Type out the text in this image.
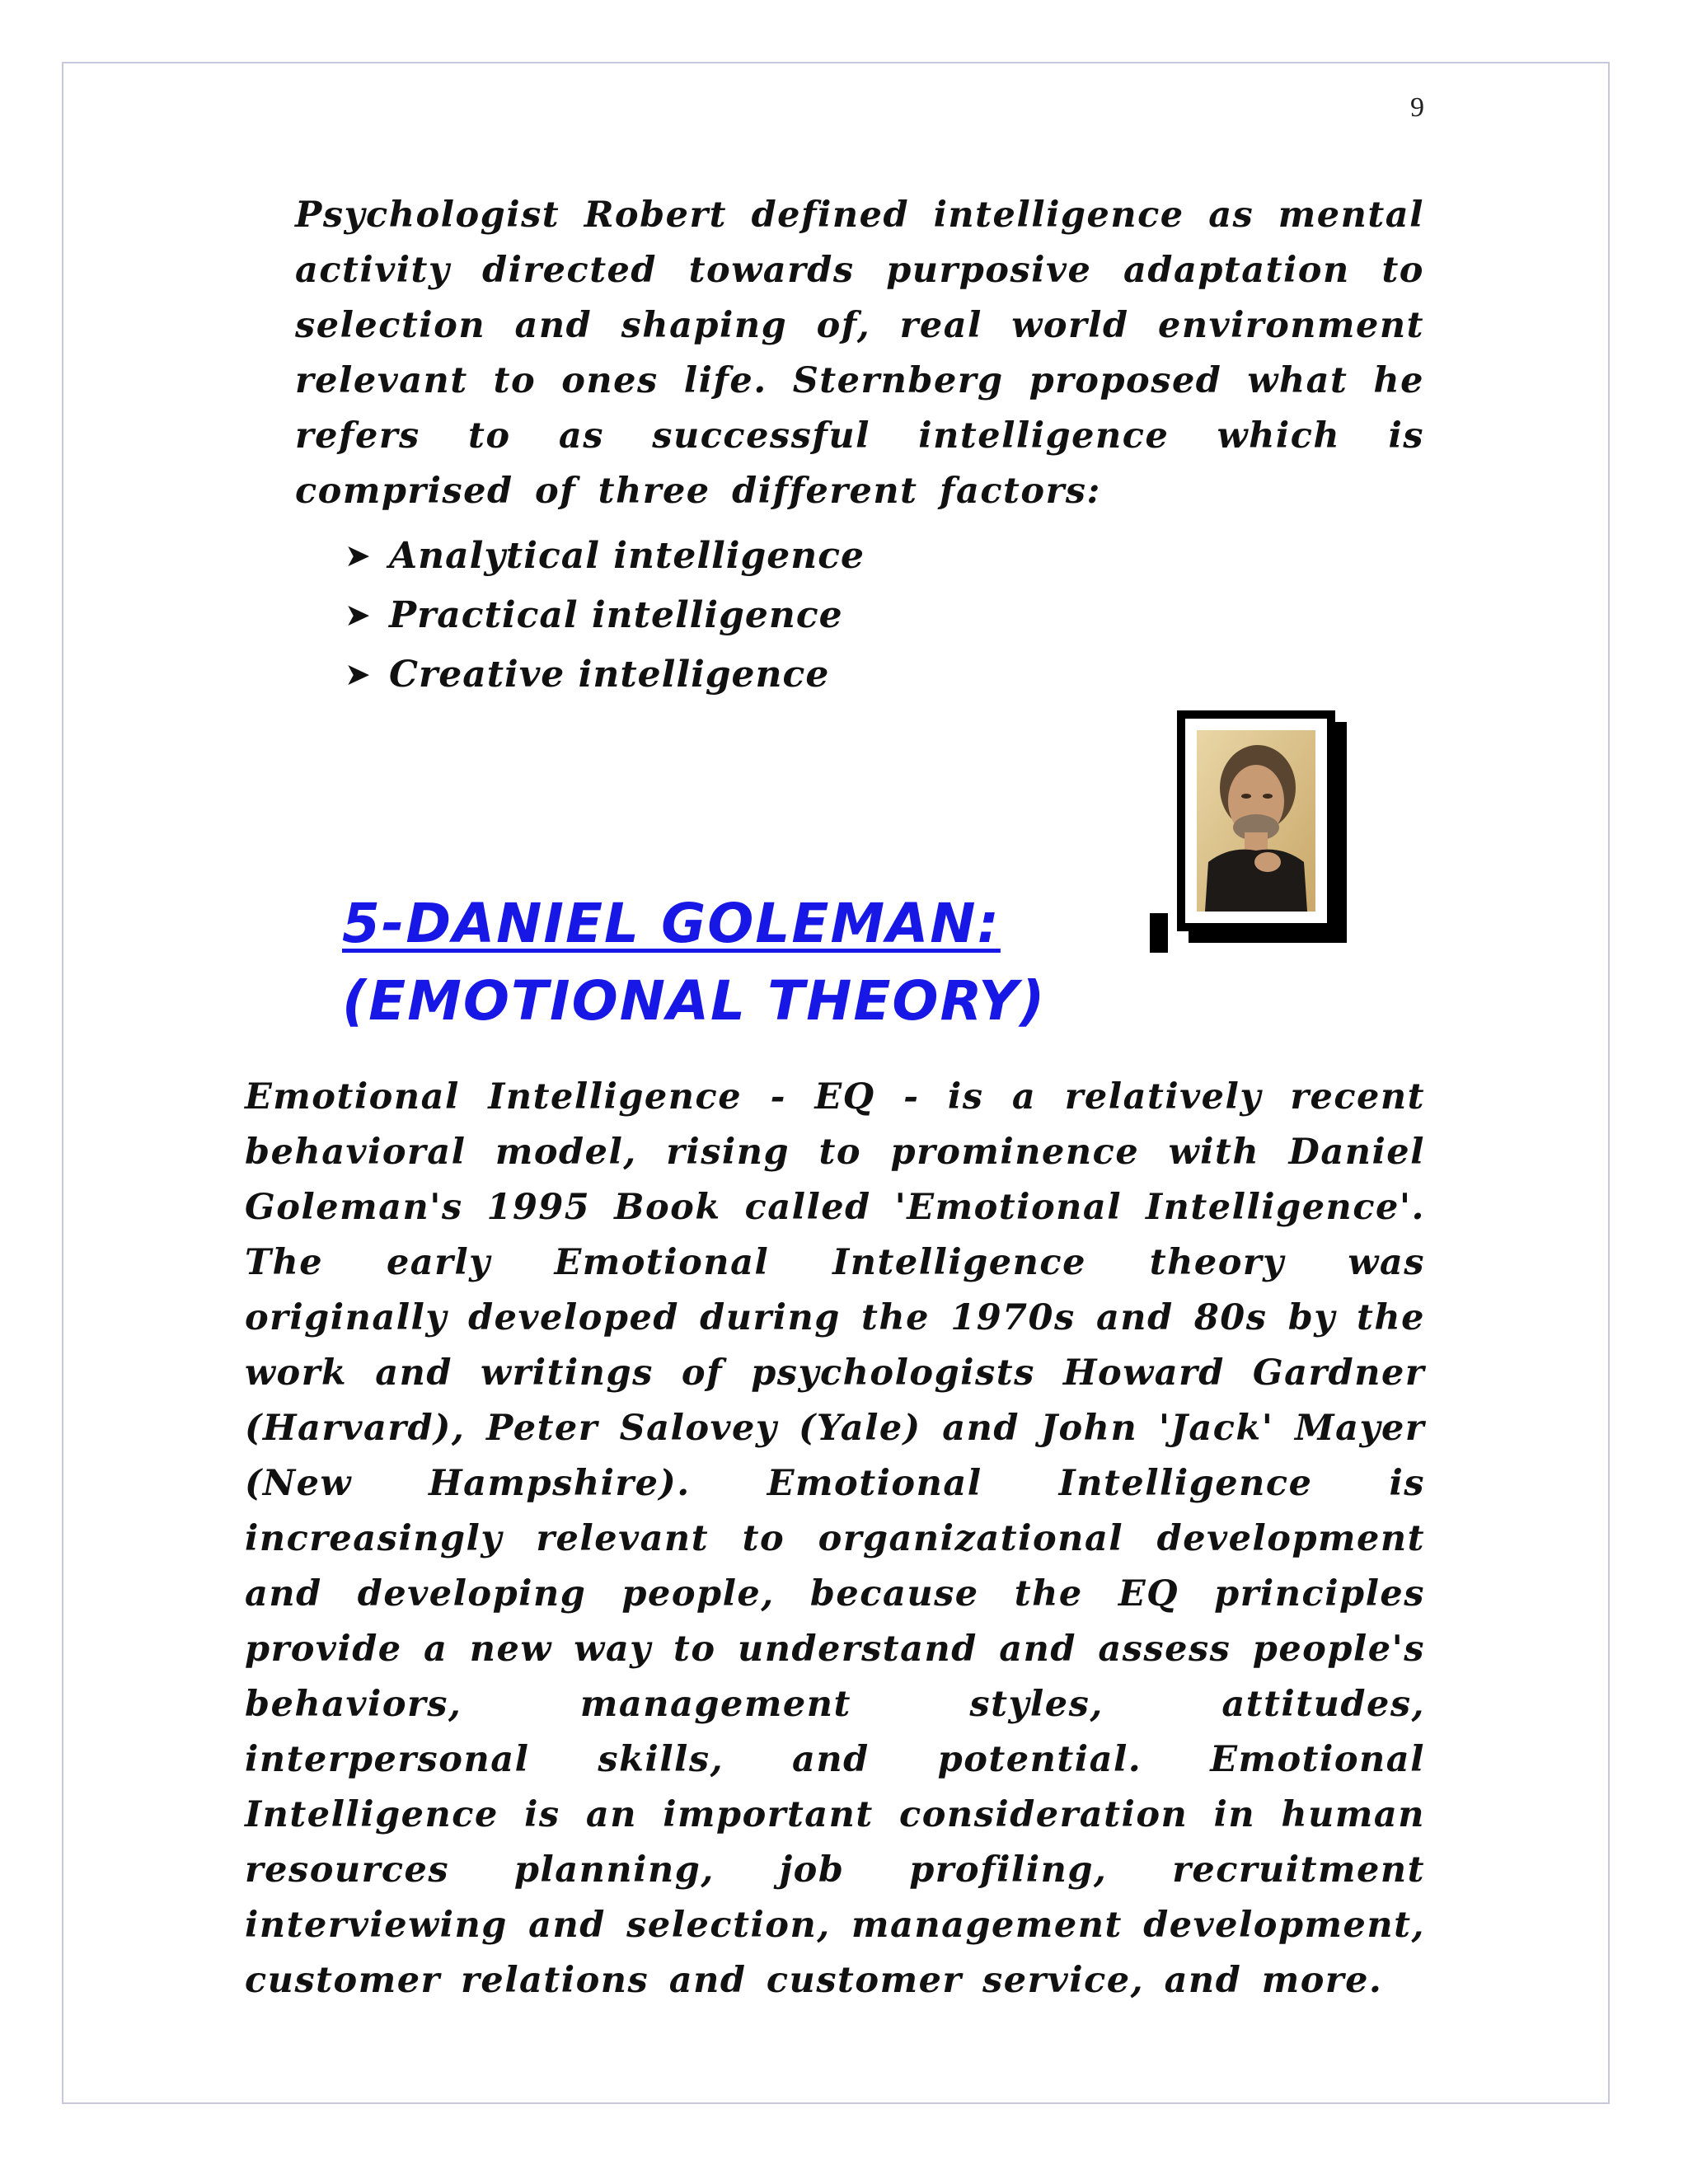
9

Psychologist Robert defined intelligence as mental activity directed towards purposive adaptation to selection and shaping of, real world environment relevant to ones life. Sternberg proposed what he refers to as successful intelligence which is comprised of three different factors:

➤ Analytical intelligence
➤ Practical intelligence
➤ Creative intelligence
5-DANIEL GOLEMAN:
(EMOTIONAL THEORY)

Emotional Intelligence - EQ - is a relatively recent behavioral model, rising to prominence with Daniel Goleman's 1995 Book called 'Emotional Intelligence'. The early Emotional Intelligence theory was originally developed during the 1970s and 80s by the work and writings of psychologists Howard Gardner (Harvard), Peter Salovey (Yale) and John 'Jack' Mayer (New Hampshire). Emotional Intelligence is increasingly relevant to organizational development and developing people, because the EQ principles provide a new way to understand and assess people's behaviors, management styles, attitudes, interpersonal skills, and potential. Emotional Intelligence is an important consideration in human resources planning, job profiling, recruitment interviewing and selection, management development, customer relations and customer service, and more.
